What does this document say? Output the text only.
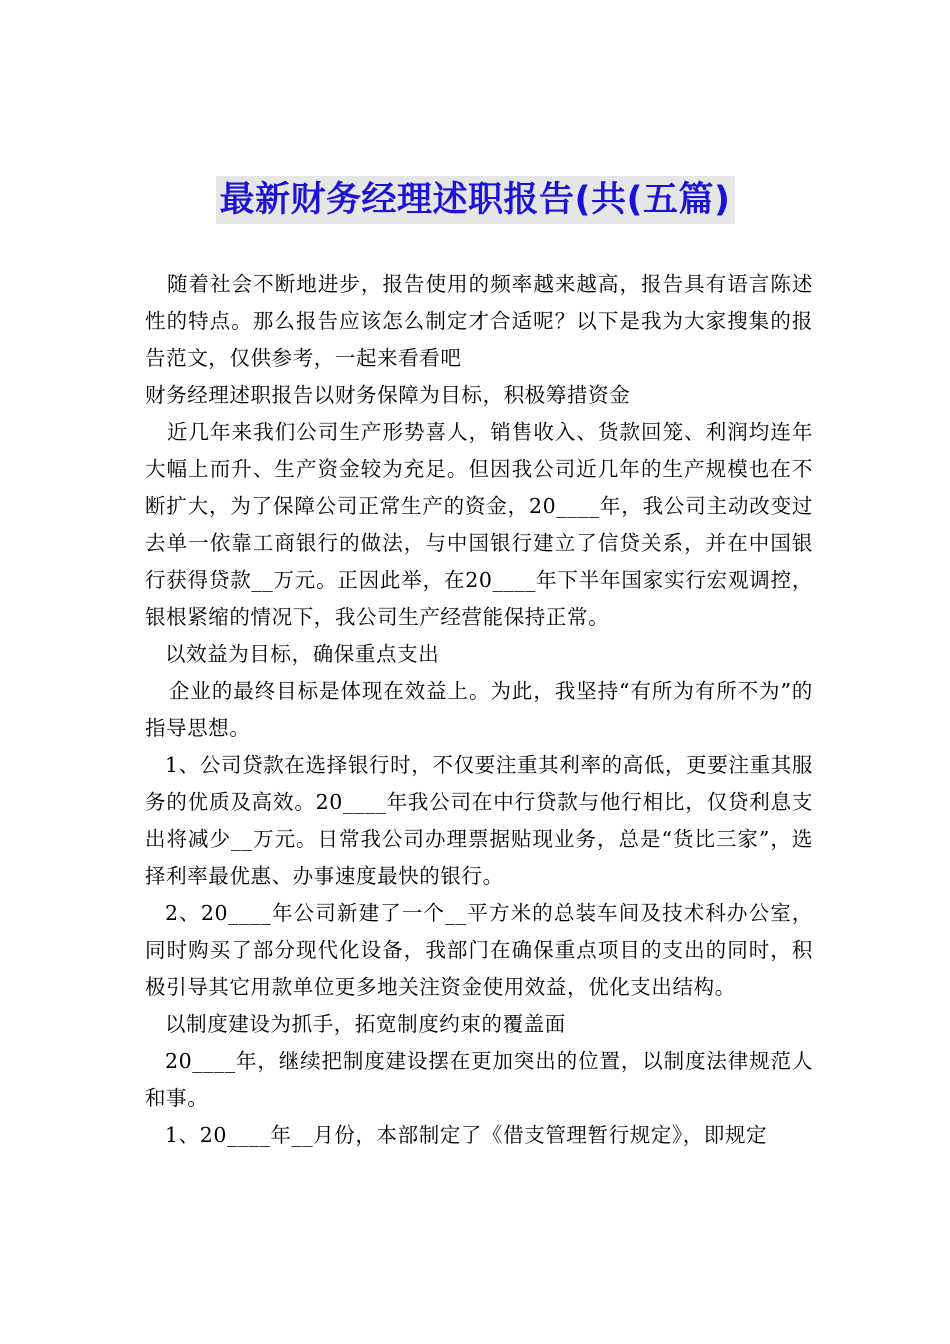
最新财务经理述职报告(共(五篇)

随着社会不断地进步，报告使用的频率越来越高，报告具有语言陈述性的特点。那么报告应该怎么制定才合适呢？以下是我为大家搜集的报告范文，仅供参考，一起来看看吧

财务经理述职报告以财务保障为目标，积极筹措资金

近几年来我们公司生产形势喜人，销售收入、货款回笼、利润均连年大幅上而升、生产资金较为充足。但因我公司近几年的生产规模也在不断扩大，为了保障公司正常生产的资金，20____年，我公司主动改变过去单一依靠工商银行的做法，与中国银行建立了信贷关系，并在中国银行获得贷款__万元。正因此举，在20____年下半年国家实行宏观调控，银根紧缩的情况下，我公司生产经营能保持正常。

以效益为目标，确保重点支出

企业的最终目标是体现在效益上。为此，我坚持“有所为有所不为”的指导思想。

1、公司贷款在选择银行时，不仅要注重其利率的高低，更要注重其服务的优质及高效。20____年我公司在中行贷款与他行相比，仅贷利息支出将减少__万元。日常我公司办理票据贴现业务，总是“货比三家”，选择利率最优惠、办事速度最快的银行。

2、20____年公司新建了一个__平方米的总装车间及技术科办公室，同时购买了部分现代化设备，我部门在确保重点项目的支出的同时，积极引导其它用款单位更多地关注资金使用效益，优化支出结构。

以制度建设为抓手，拓宽制度约束的覆盖面

20____年，继续把制度建设摆在更加突出的位置，以制度法律规范人和事。

1、20____年__月份，本部制定了《借支管理暂行规定》，即规定
